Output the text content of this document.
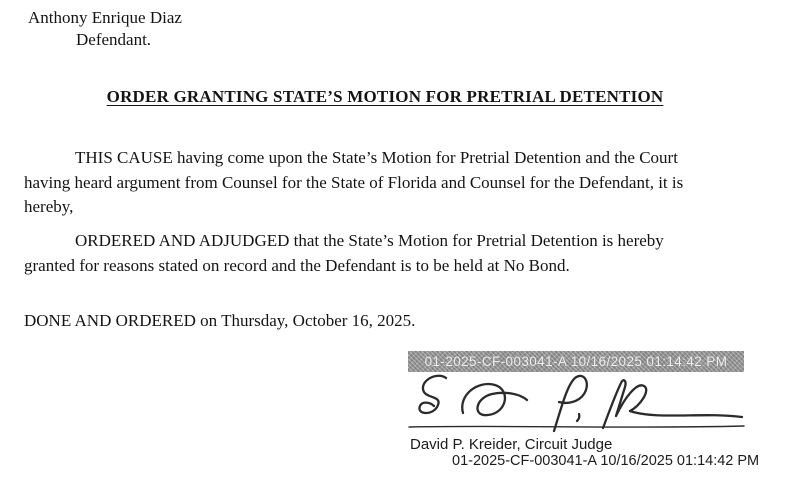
Anthony Enrique Diaz
Defendant.
ORDER GRANTING STATE’S MOTION FOR PRETRIAL DETENTION
THIS CAUSE having come upon the State’s Motion for Pretrial Detention and the Court
having heard argument from Counsel for the State of Florida and Counsel for the Defendant, it is
hereby,
ORDERED AND ADJUDGED that the State’s Motion for Pretrial Detention is hereby
granted for reasons stated on record and the Defendant is to be held at No Bond.
DONE AND ORDERED on Thursday, October 16, 2025.
01-2025-CF-003041-A 10/16/2025 01:14:42 PM
David P. Kreider, Circuit Judge
01-2025-CF-003041-A 10/16/2025 01:14:42 PM
